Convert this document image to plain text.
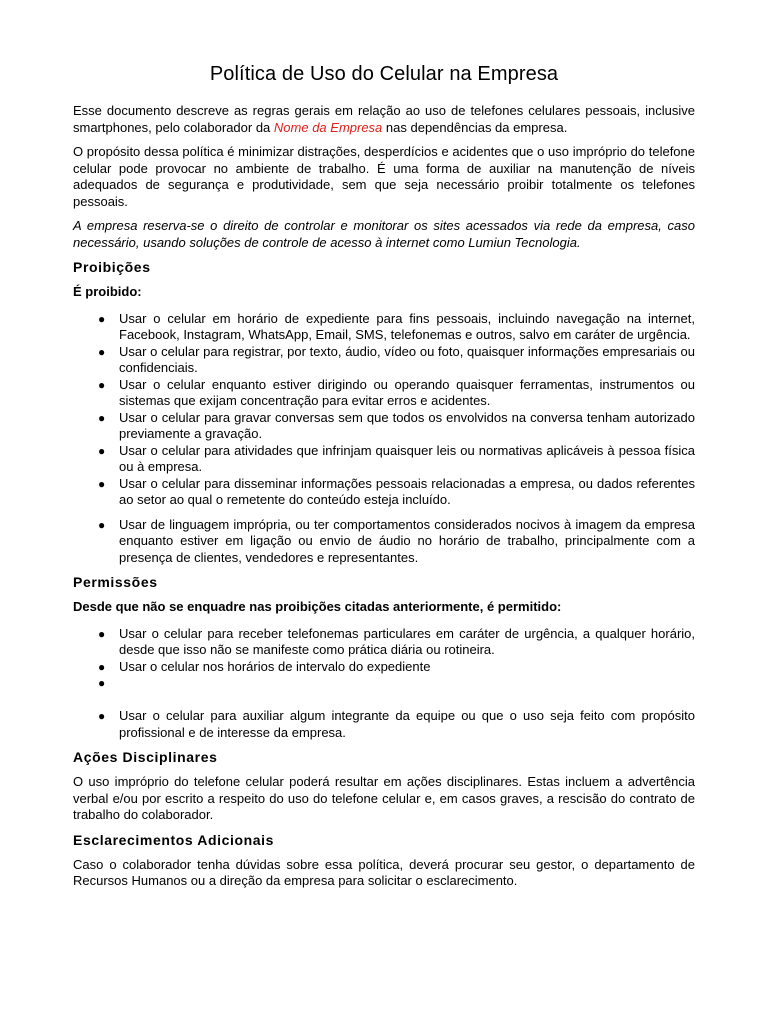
Política de Uso do Celular na Empresa

Esse documento descreve as regras gerais em relação ao uso de telefones celulares pessoais, inclusive smartphones, pelo colaborador da Nome da Empresa nas dependências da empresa.

O propósito dessa política é minimizar distrações, desperdícios e acidentes que o uso impróprio do telefone celular pode provocar no ambiente de trabalho. É uma forma de auxiliar na manutenção de níveis adequados de segurança e produtividade, sem que seja necessário proibir totalmente os telefones pessoais.

A empresa reserva-se o direito de controlar e monitorar os sites acessados via rede da empresa, caso necessário, usando soluções de controle de acesso à internet como Lumiun Tecnologia.

Proibições

É proibido:

● Usar o celular em horário de expediente para fins pessoais, incluindo navegação na internet, Facebook, Instagram, WhatsApp, Email, SMS, telefonemas e outros, salvo em caráter de urgência.
● Usar o celular para registrar, por texto, áudio, vídeo ou foto, quaisquer informações empresariais ou confidenciais.
● Usar o celular enquanto estiver dirigindo ou operando quaisquer ferramentas, instrumentos ou sistemas que exijam concentração para evitar erros e acidentes.
● Usar o celular para gravar conversas sem que todos os envolvidos na conversa tenham autorizado previamente a gravação.
● Usar o celular para atividades que infrinjam quaisquer leis ou normativas aplicáveis à pessoa física ou à empresa.
● Usar o celular para disseminar informações pessoais relacionadas a empresa, ou dados referentes ao setor ao qual o remetente do conteúdo esteja incluído.
● Usar de linguagem imprópria, ou ter comportamentos considerados nocivos à imagem da empresa enquanto estiver em ligação ou envio de áudio no horário de trabalho, principalmente com a presença de clientes, vendedores e representantes.
Permissões

Desde que não se enquadre nas proibições citadas anteriormente, é permitido:

● Usar o celular para receber telefonemas particulares em caráter de urgência, a qualquer horário, desde que isso não se manifeste como prática diária ou rotineira.
● Usar o celular nos horários de intervalo do expediente
●
● Usar o celular para auxiliar algum integrante da equipe ou que o uso seja feito com propósito profissional e de interesse da empresa.
Ações Disciplinares

O uso impróprio do telefone celular poderá resultar em ações disciplinares. Estas incluem a advertência verbal e/ou por escrito a respeito do uso do telefone celular e, em casos graves, a rescisão do contrato de trabalho do colaborador.

Esclarecimentos Adicionais

Caso o colaborador tenha dúvidas sobre essa política, deverá procurar seu gestor, o departamento de Recursos Humanos ou a direção da empresa para solicitar o esclarecimento.
